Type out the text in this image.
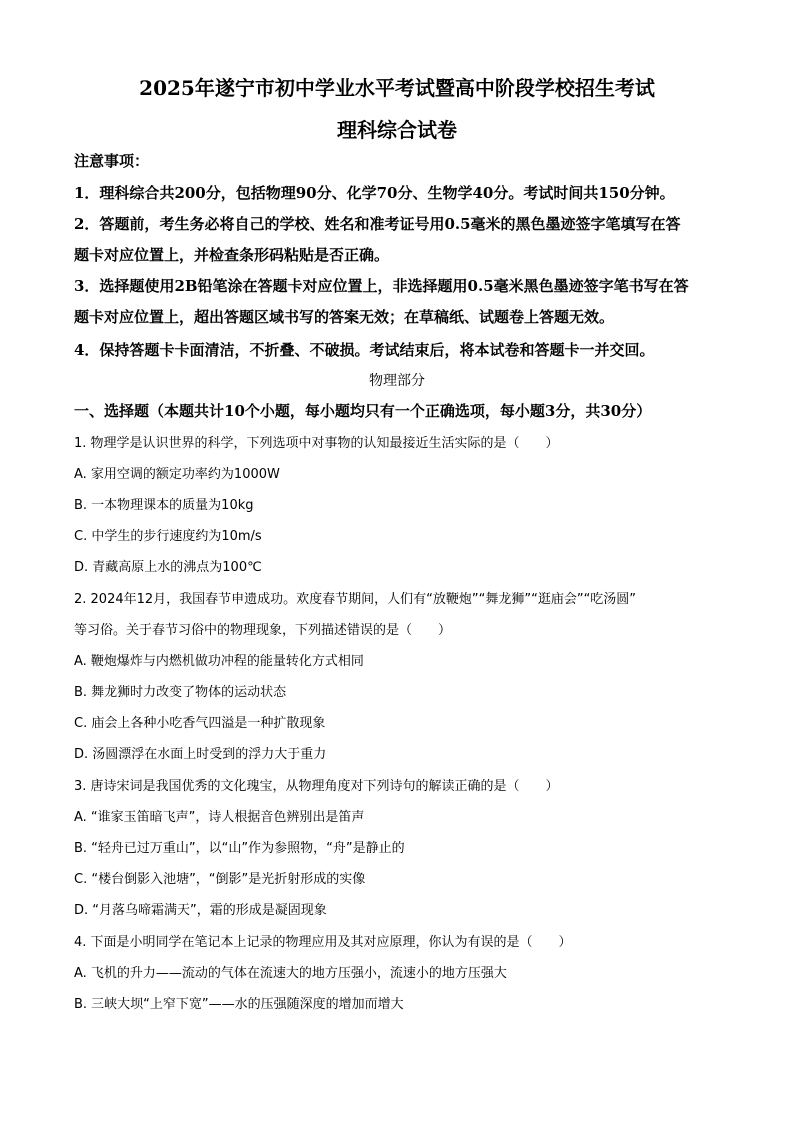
2025年遂宁市初中学业水平考试暨高中阶段学校招生考试
理科综合试卷
注意事项：
1．理科综合共200分，包括物理90分、化学70分、生物学40分。考试时间共150分钟。
2．答题前，考生务必将自己的学校、姓名和准考证号用0.5毫米的黑色墨迹签字笔填写在答
题卡对应位置上，并检查条形码粘贴是否正确。
3．选择题使用2B铅笔涂在答题卡对应位置上，非选择题用0.5毫米黑色墨迹签字笔书写在答
题卡对应位置上，超出答题区域书写的答案无效；在草稿纸、试题卷上答题无效。
4．保持答题卡卡面清洁，不折叠、不破损。考试结束后，将本试卷和答题卡一并交回。
物理部分
一、选择题（本题共计10个小题，每小题均只有一个正确选项，每小题3分，共30分）
1. 物理学是认识世界的科学，下列选项中对事物的认知最接近生活实际的是（　　）
A. 家用空调的额定功率约为1000W
B. 一本物理课本的质量为10kg
C. 中学生的步行速度约为10m/s
D. 青藏高原上水的沸点为100℃
2. 2024年12月，我国春节申遗成功。欢度春节期间，人们有“放鞭炮”“舞龙狮”“逛庙会”“吃汤圆”
等习俗。关于春节习俗中的物理现象，下列描述错误的是（　　）
A. 鞭炮爆炸与内燃机做功冲程的能量转化方式相同
B. 舞龙狮时力改变了物体的运动状态
C. 庙会上各种小吃香气四溢是一种扩散现象
D. 汤圆漂浮在水面上时受到的浮力大于重力
3. 唐诗宋词是我国优秀的文化瑰宝，从物理角度对下列诗句的解读正确的是（　　）
A. “谁家玉笛暗飞声”，诗人根据音色辨别出是笛声
B. “轻舟已过万重山”，以“山”作为参照物，“舟”是静止的
C. “楼台倒影入池塘”，“倒影”是光折射形成的实像
D. “月落乌啼霜满天”，霜的形成是凝固现象
4. 下面是小明同学在笔记本上记录的物理应用及其对应原理，你认为有误的是（　　）
A. 飞机的升力——流动的气体在流速大的地方压强小，流速小的地方压强大
B. 三峡大坝“上窄下宽”——水的压强随深度的增加而增大
